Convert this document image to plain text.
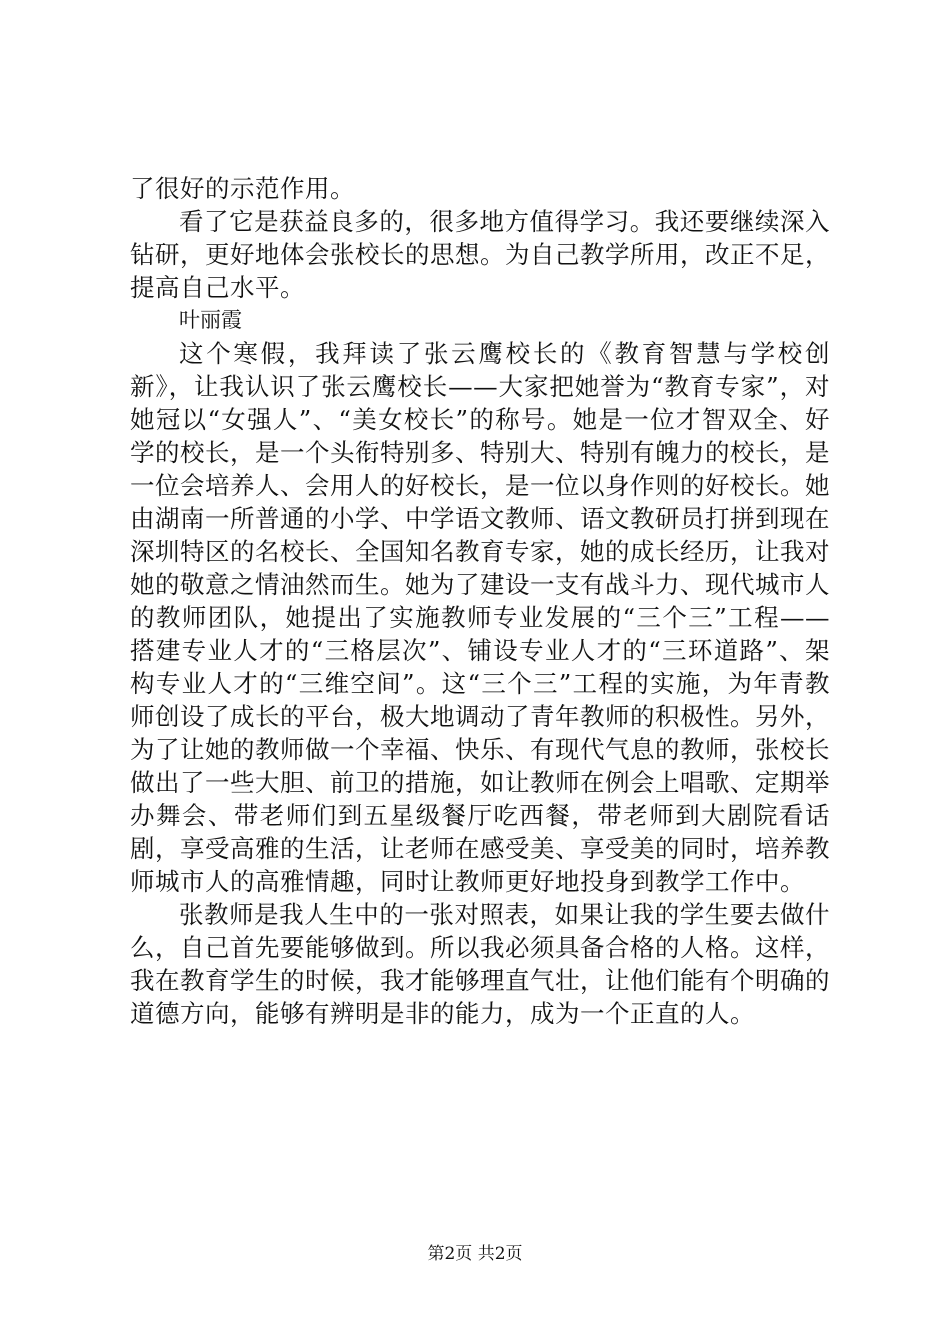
了很好的示范作用。

看了它是获益良多的，很多地方值得学习。我还要继续深入钻研，更好地体会张校长的思想。为自己教学所用，改正不足，提高自己水平。

叶丽霞

这个寒假，我拜读了张云鹰校长的《教育智慧与学校创新》，让我认识了张云鹰校长——大家把她誉为“教育专家”，对她冠以“女强人”、“美女校长”的称号。她是一位才智双全、好学的校长，是一个头衔特别多、特别大、特别有魄力的校长，是一位会培养人、会用人的好校长，是一位以身作则的好校长。她由湖南一所普通的小学、中学语文教师、语文教研员打拼到现在深圳特区的名校长、全国知名教育专家，她的成长经历，让我对她的敬意之情油然而生。她为了建设一支有战斗力、现代城市人的教师团队，她提出了实施教师专业发展的“三个三”工程——搭建专业人才的“三格层次”、铺设专业人才的“三环道路”、架构专业人才的“三维空间”。这“三个三”工程的实施，为年青教师创设了成长的平台，极大地调动了青年教师的积极性。另外，为了让她的教师做一个幸福、快乐、有现代气息的教师，张校长做出了一些大胆、前卫的措施，如让教师在例会上唱歌、定期举办舞会、带老师们到五星级餐厅吃西餐，带老师到大剧院看话剧，享受高雅的生活，让老师在感受美、享受美的同时，培养教师城市人的高雅情趣，同时让教师更好地投身到教学工作中。

张教师是我人生中的一张对照表，如果让我的学生要去做什么，自己首先要能够做到。所以我必须具备合格的人格。这样，我在教育学生的时候，我才能够理直气壮，让他们能有个明确的道德方向，能够有辨明是非的能力，成为一个正直的人。

第2页 共2页
